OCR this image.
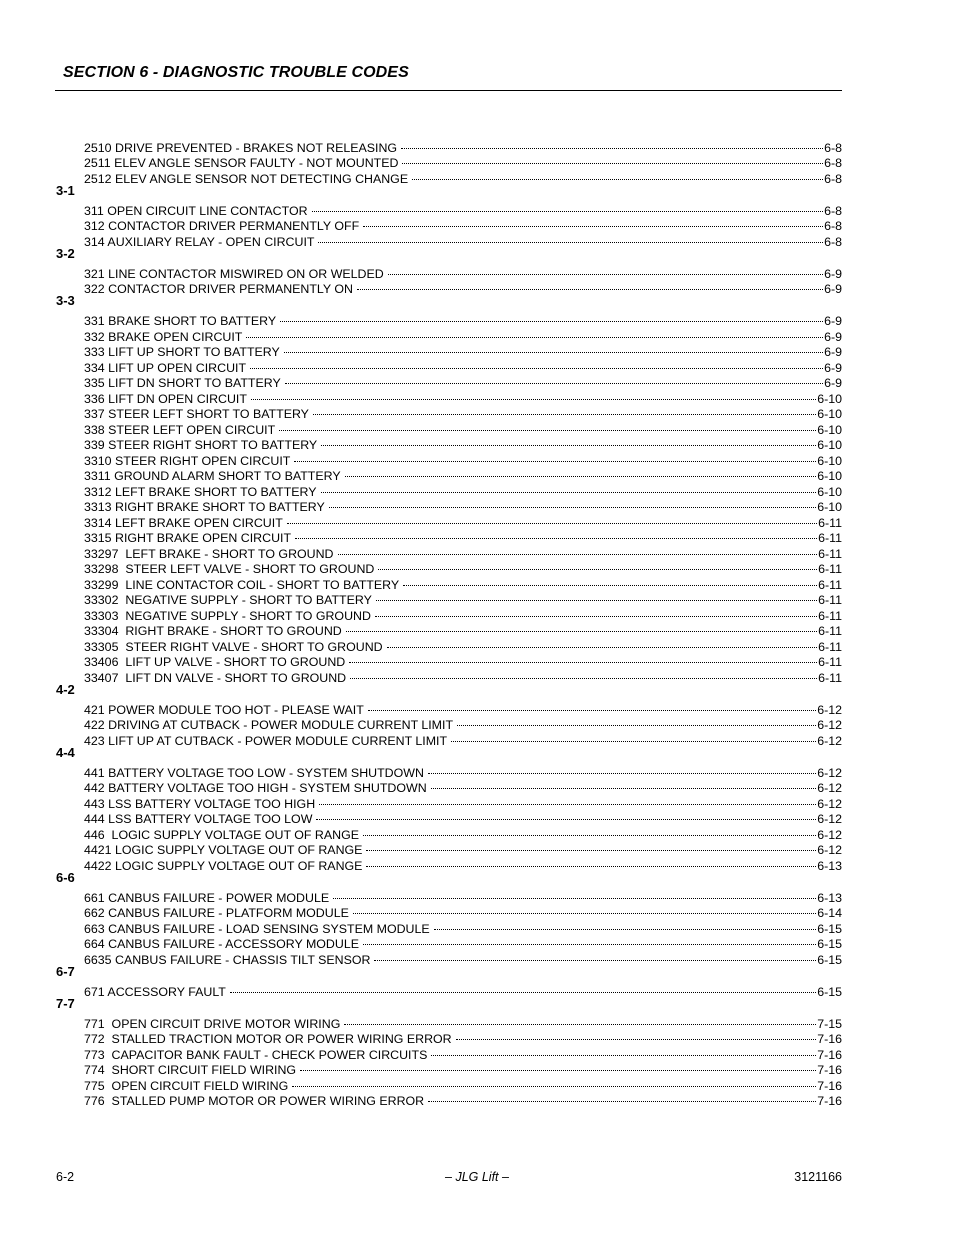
SECTION 6 - DIAGNOSTIC TROUBLE CODES
2510 DRIVE PREVENTED - BRAKES NOT RELEASING	6-8
2511 ELEV ANGLE SENSOR FAULTY - NOT MOUNTED	6-8
2512 ELEV ANGLE SENSOR NOT DETECTING CHANGE	6-8
3-1
311 OPEN CIRCUIT LINE CONTACTOR	6-8
312 CONTACTOR DRIVER PERMANENTLY OFF	6-8
314 AUXILIARY RELAY - OPEN CIRCUIT	6-8
3-2
321 LINE CONTACTOR MISWIRED ON OR WELDED	6-9
322 CONTACTOR DRIVER PERMANENTLY ON	6-9
3-3
331 BRAKE SHORT TO BATTERY	6-9
332 BRAKE OPEN CIRCUIT	6-9
333 LIFT UP SHORT TO BATTERY	6-9
334 LIFT UP OPEN CIRCUIT	6-9
335 LIFT DN SHORT TO BATTERY	6-9
336 LIFT DN OPEN CIRCUIT	6-10
337 STEER LEFT SHORT TO BATTERY	6-10
338 STEER LEFT OPEN CIRCUIT	6-10
339 STEER RIGHT SHORT TO BATTERY	6-10
3310 STEER RIGHT OPEN CIRCUIT	6-10
3311 GROUND ALARM SHORT TO BATTERY	6-10
3312 LEFT BRAKE SHORT TO BATTERY	6-10
3313 RIGHT BRAKE SHORT TO BATTERY	6-10
3314 LEFT BRAKE OPEN CIRCUIT	6-11
3315 RIGHT BRAKE OPEN CIRCUIT	6-11
33297  LEFT BRAKE - SHORT TO GROUND	6-11
33298  STEER LEFT VALVE - SHORT TO GROUND	6-11
33299  LINE CONTACTOR COIL - SHORT TO BATTERY	6-11
33302  NEGATIVE SUPPLY - SHORT TO BATTERY	6-11
33303  NEGATIVE SUPPLY - SHORT TO GROUND	6-11
33304  RIGHT BRAKE - SHORT TO GROUND	6-11
33305  STEER RIGHT VALVE - SHORT TO GROUND	6-11
33406  LIFT UP VALVE - SHORT TO GROUND	6-11
33407  LIFT DN VALVE - SHORT TO GROUND	6-11
4-2
421 POWER MODULE TOO HOT - PLEASE WAIT	6-12
422 DRIVING AT CUTBACK - POWER MODULE CURRENT LIMIT	6-12
423 LIFT UP AT CUTBACK - POWER MODULE CURRENT LIMIT	6-12
4-4
441 BATTERY VOLTAGE TOO LOW - SYSTEM SHUTDOWN	6-12
442 BATTERY VOLTAGE TOO HIGH - SYSTEM SHUTDOWN	6-12
443 LSS BATTERY VOLTAGE TOO HIGH	6-12
444 LSS BATTERY VOLTAGE TOO LOW	6-12
446  LOGIC SUPPLY VOLTAGE OUT OF RANGE	6-12
4421 LOGIC SUPPLY VOLTAGE OUT OF RANGE	6-12
4422 LOGIC SUPPLY VOLTAGE OUT OF RANGE	6-13
6-6
661 CANBUS FAILURE - POWER MODULE	6-13
662 CANBUS FAILURE - PLATFORM MODULE	6-14
663 CANBUS FAILURE - LOAD SENSING SYSTEM MODULE	6-15
664 CANBUS FAILURE - ACCESSORY MODULE	6-15
6635 CANBUS FAILURE - CHASSIS TILT SENSOR	6-15
6-7
671 ACCESSORY FAULT	6-15
7-7
771  OPEN CIRCUIT DRIVE MOTOR WIRING	7-15
772  STALLED TRACTION MOTOR OR POWER WIRING ERROR	7-16
773  CAPACITOR BANK FAULT - CHECK POWER CIRCUITS	7-16
774  SHORT CIRCUIT FIELD WIRING	7-16
775  OPEN CIRCUIT FIELD WIRING	7-16
776  STALLED PUMP MOTOR OR POWER WIRING ERROR	7-16
6-2	– JLG Lift –	3121166
